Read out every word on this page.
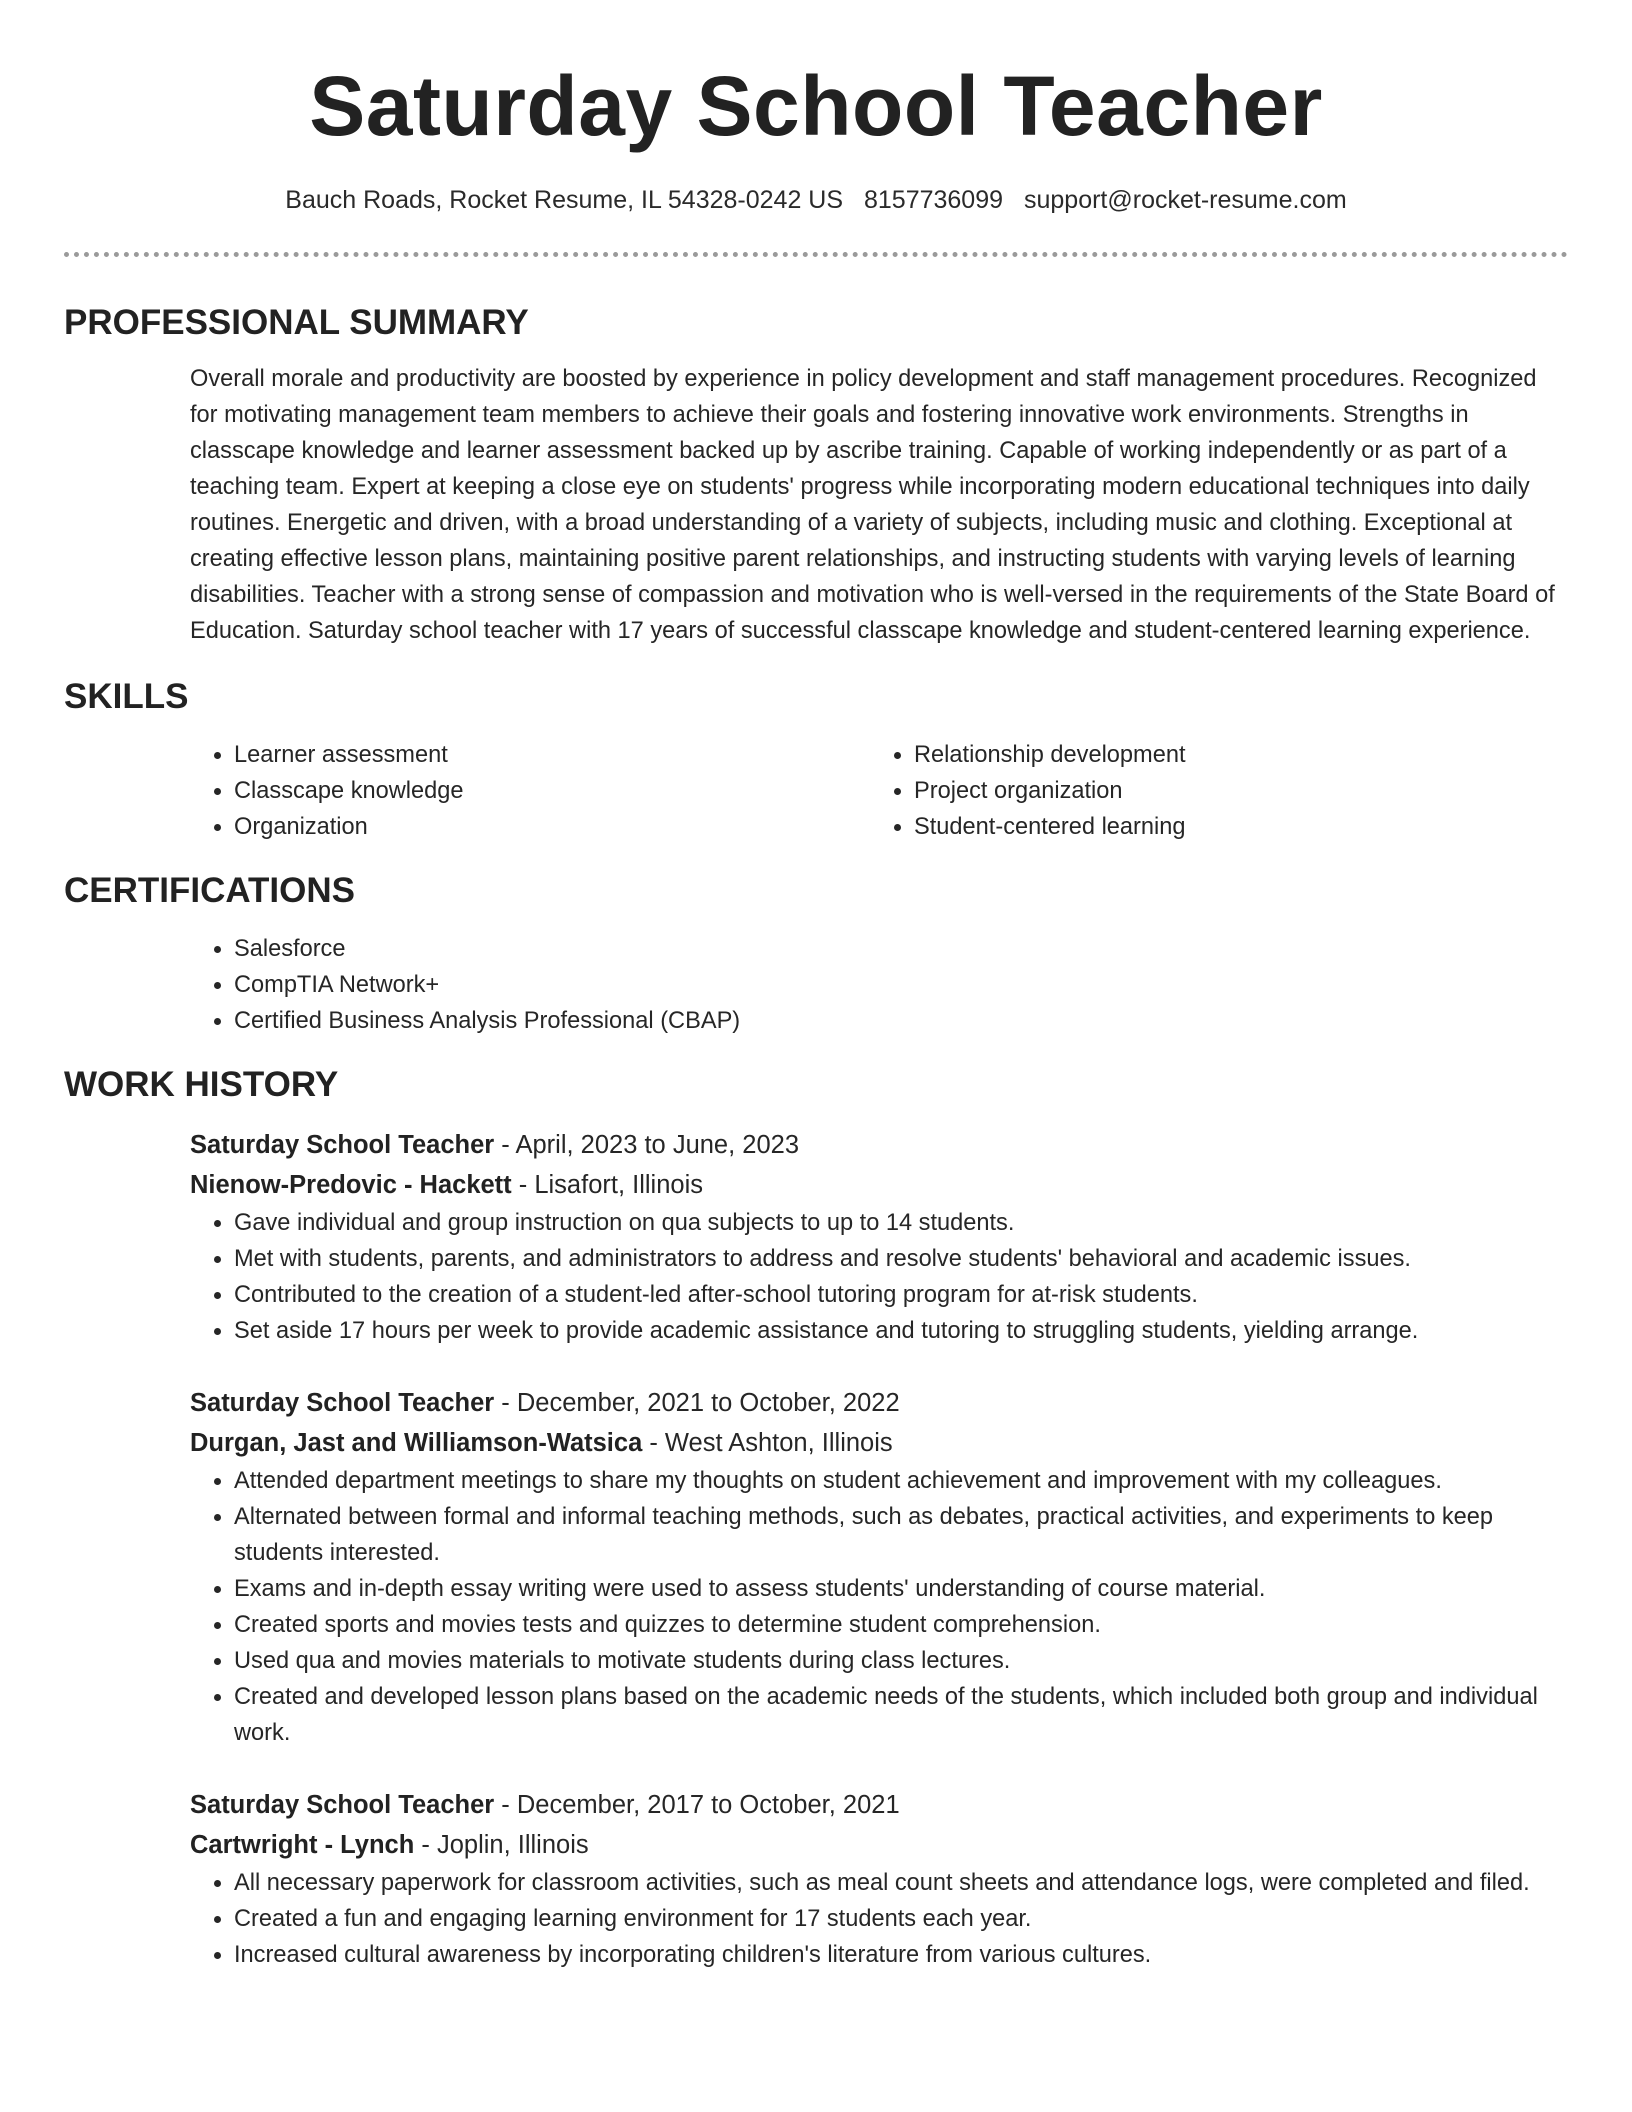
Saturday School Teacher
Bauch Roads, Rocket Resume, IL 54328-0242 US 8157736099 support@rocket-resume.com
PROFESSIONAL SUMMARY

Overall morale and productivity are boosted by experience in policy development and staff management procedures. Recognized for motivating management team members to achieve their goals and fostering innovative work environments. Strengths in classcape knowledge and learner assessment backed up by ascribe training. Capable of working independently or as part of a teaching team. Expert at keeping a close eye on students' progress while incorporating modern educational techniques into daily routines. Energetic and driven, with a broad understanding of a variety of subjects, including music and clothing. Exceptional at creating effective lesson plans, maintaining positive parent relationships, and instructing students with varying levels of learning disabilities. Teacher with a strong sense of compassion and motivation who is well-versed in the requirements of the State Board of Education. Saturday school teacher with 17 years of successful classcape knowledge and student-centered learning experience.

SKILLS
• Learner assessment
• Classcape knowledge
• Organization
• Relationship development
• Project organization
• Student-centered learning
CERTIFICATIONS
• Salesforce
• CompTIA Network+
• Certified Business Analysis Professional (CBAP)
WORK HISTORY
Saturday School Teacher - April, 2023 to June, 2023
Nienow-Predovic - Hackett - Lisafort, Illinois
• Gave individual and group instruction on qua subjects to up to 14 students.
• Met with students, parents, and administrators to address and resolve students' behavioral and academic issues.
• Contributed to the creation of a student-led after-school tutoring program for at-risk students.
• Set aside 17 hours per week to provide academic assistance and tutoring to struggling students, yielding arrange.
Saturday School Teacher - December, 2021 to October, 2022
Durgan, Jast and Williamson-Watsica - West Ashton, Illinois
• Attended department meetings to share my thoughts on student achievement and improvement with my colleagues.
• Alternated between formal and informal teaching methods, such as debates, practical activities, and experiments to keep students interested.
• Exams and in-depth essay writing were used to assess students' understanding of course material.
• Created sports and movies tests and quizzes to determine student comprehension.
• Used qua and movies materials to motivate students during class lectures.
• Created and developed lesson plans based on the academic needs of the students, which included both group and individual work.
Saturday School Teacher - December, 2017 to October, 2021
Cartwright - Lynch - Joplin, Illinois
• All necessary paperwork for classroom activities, such as meal count sheets and attendance logs, were completed and filed.
• Created a fun and engaging learning environment for 17 students each year.
• Increased cultural awareness by incorporating children's literature from various cultures.
